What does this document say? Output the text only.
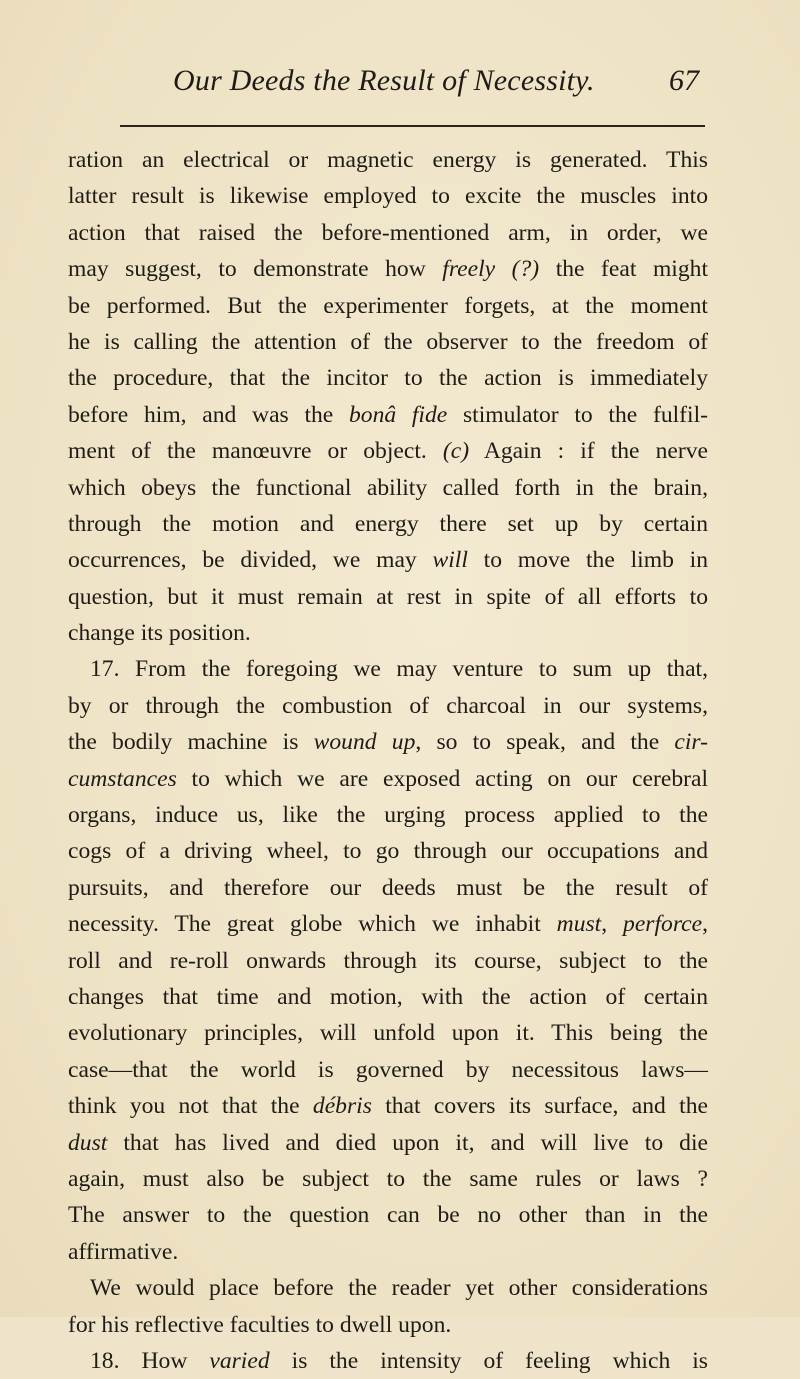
Our Deeds the Result of Necessity. 67
ration an electrical or magnetic energy is generated. This
latter result is likewise employed to excite the muscles into
action that raised the before-mentioned arm, in order, we
may suggest, to demonstrate how freely (?) the feat might
be performed. But the experimenter forgets, at the moment
he is calling the attention of the observer to the freedom of
the procedure, that the incitor to the action is immediately
before him, and was the bonâ fide stimulator to the fulfil-
ment of the manœuvre or object. (c) Again : if the nerve
which obeys the functional ability called forth in the brain,
through the motion and energy there set up by certain
occurrences, be divided, we may will to move the limb in
question, but it must remain at rest in spite of all efforts to
change its position.
17. From the foregoing we may venture to sum up that,
by or through the combustion of charcoal in our systems,
the bodily machine is wound up, so to speak, and the cir-
cumstances to which we are exposed acting on our cerebral
organs, induce us, like the urging process applied to the
cogs of a driving wheel, to go through our occupations and
pursuits, and therefore our deeds must be the result of
necessity. The great globe which we inhabit must, perforce,
roll and re-roll onwards through its course, subject to the
changes that time and motion, with the action of certain
evolutionary principles, will unfold upon it. This being the
case—that the world is governed by necessitous laws—
think you not that the débris that covers its surface, and the
dust that has lived and died upon it, and will live to die
again, must also be subject to the same rules or laws ?
The answer to the question can be no other than in the
affirmative.
We would place before the reader yet other considerations
for his reflective faculties to dwell upon.
18. How varied is the intensity of feeling which is
